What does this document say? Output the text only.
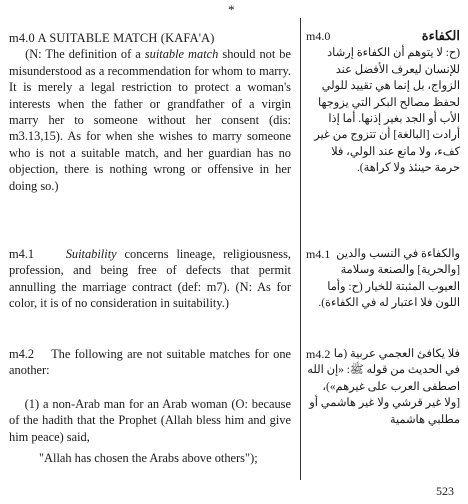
*
m4.0 A SUITABLE MATCH (KAFA'A)
(N: The definition of a suitable match should not be misunderstood as a recommendation for whom to marry. It is merely a legal restriction to protect a woman's interests when the father or grandfather of a virgin marry her to someone without her consent (dis: m3.13,15). As for when she wishes to marry someone who is not a suitable match, and her guardian has no objection, there is nothing wrong or offensive in her doing so.)
m4.1	Suitability concerns lineage, religiousness, profession, and being free of defects that permit annulling the marriage contract (def: m7). (N: As for color, it is of no consideration in suitability.)
m4.2 The following are not suitable matches for one another:
(1) a non-Arab man for an Arab woman (O: because of the hadith that the Prophet (Allah bless him and give him peace) said,
"Allah has chosen the Arabs above others");
الكفاءة
m4.0

(ح: لا يتوهم أن الكفاءة إرشاد للإنسان ليعرف الأفضل عند الزواج، بل إنما هي تقييد للولي لحفظ مصالح البكر التي يزوجها الأب أو الجد بغير إذنها. أما إذا أرادت [البالغة] أن تتزوج من غير كفء، ولا مانع عند الولي، فلا حرمة حينئذ ولا كراهة).
m4.1 والكفاءة في النسب والدين [والحرية] والصنعة وسلامة العيوب المثبتة للخيار (ح: وأما اللون فلا اعتبار له في الكفاءة).
m4.2 فلا يكافئ العجمي عربية (ما في الحديث من قوله ﷺ: «إن الله اصطفى العرب على غيرهم»)، [ولا غير قرشي ولا غير هاشمي أو مطلبي هاشمية
523
